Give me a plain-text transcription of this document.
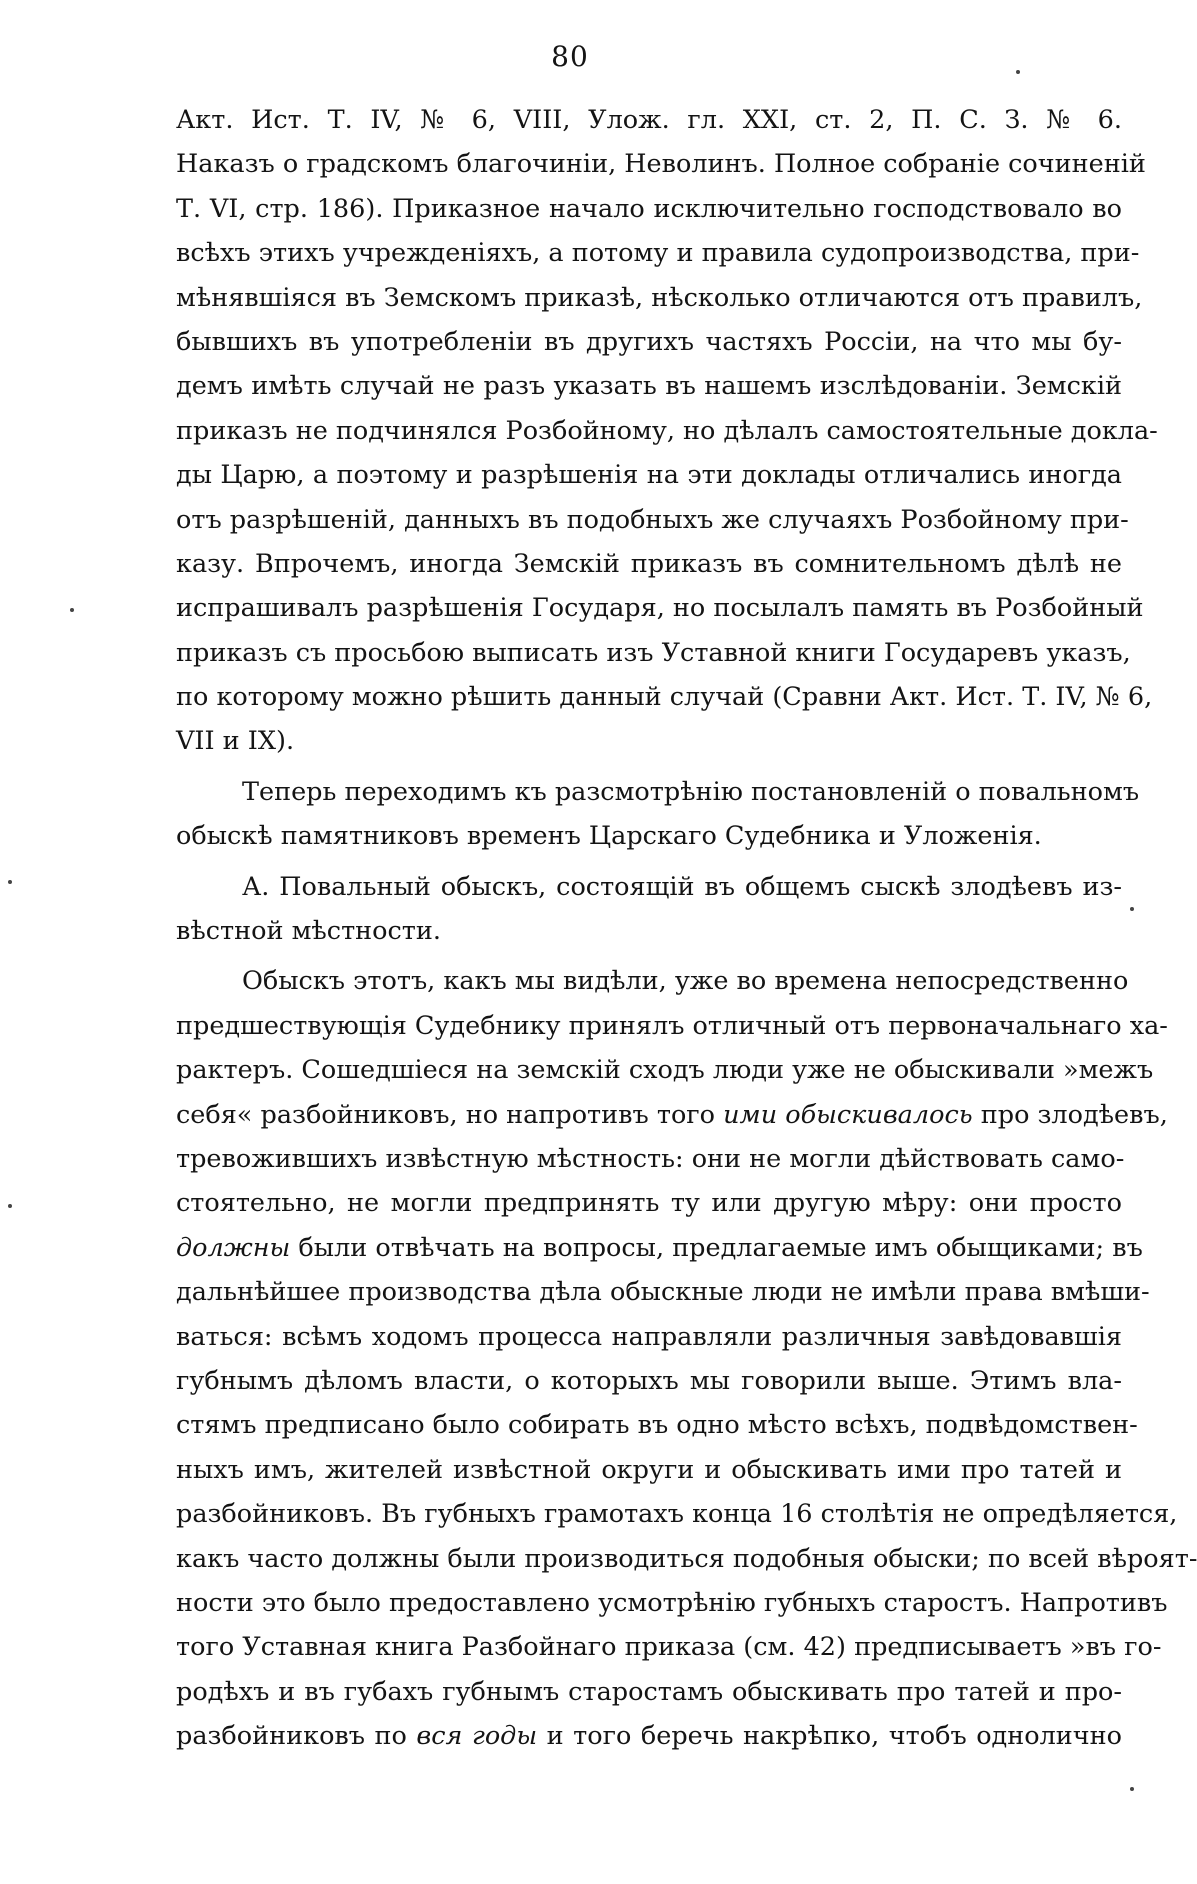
80
Акт. Ист. Т. IV, № 6, VIII, Улож. гл. XXI, ст. 2, П. С. З. № 6.
Наказъ о градскомъ благочиніи, Неволинъ. Полное собраніе сочиненій
Т. VI, стр. 186). Приказное начало исключительно господствовало во
всѣхъ этихъ учрежденіяхъ, а потому и правила судопроизводства, при-
мѣнявшіяся въ Земскомъ приказѣ, нѣсколько отличаются отъ правилъ,
бывшихъ въ употребленіи въ другихъ частяхъ Россіи, на что мы бу-
демъ имѣть случай не разъ указать въ нашемъ изслѣдованіи. Земскій
приказъ не подчинялся Розбойному, но дѣлалъ самостоятельные докла-
ды Царю, а поэтому и разрѣшенія на эти доклады отличались иногда
отъ разрѣшеній, данныхъ въ подобныхъ же случаяхъ Розбойному при-
казу. Впрочемъ, иногда Земскій приказъ въ сомнительномъ дѣлѣ не
испрашивалъ разрѣшенія Государя, но посылалъ память въ Розбойный
приказъ съ просьбою выписать изъ Уставной книги Государевъ указъ,
по которому можно рѣшить данный случай (Сравни Акт. Ист. Т. IV, № 6,
VII и IX).
Теперь переходимъ къ разсмотрѣнію постановленій о повальномъ
обыскѣ памятниковъ временъ Царскаго Судебника и Уложенія.
А. Повальный обыскъ, состоящій въ общемъ сыскѣ злодѣевъ из-
вѣстной мѣстности.
Обыскъ этотъ, какъ мы видѣли, уже во времена непосредственно
предшествующія Судебнику принялъ отличный отъ первоначальнаго ха-
рактеръ. Сошедшіеся на земскій сходъ люди уже не обыскивали »межъ
себя« разбойниковъ, но напротивъ того ими обыскивалось про злодѣевъ,
тревожившихъ извѣстную мѣстность: они не могли дѣйствовать само-
стоятельно, не могли предпринять ту или другую мѣру: они просто
должны были отвѣчать на вопросы, предлагаемые имъ обыщиками; въ
дальнѣйшее производства дѣла обыскные люди не имѣли права вмѣши-
ваться: всѣмъ ходомъ процесса направляли различныя завѣдовавшія
губнымъ дѣломъ власти, о которыхъ мы говорили выше. Этимъ вла-
стямъ предписано было собирать въ одно мѣсто всѣхъ, подвѣдомствен-
ныхъ имъ, жителей извѣстной округи и обыскивать ими про татей и
разбойниковъ. Въ губныхъ грамотахъ конца 16 столѣтія не опредѣляется,
какъ часто должны были производиться подобныя обыски; по всей вѣроят-
ности это было предоставлено усмотрѣнію губныхъ старостъ. Напротивъ
того Уставная книга Разбойнаго приказа (см. 42) предписываетъ »въ го-
родѣхъ и въ губахъ губнымъ старостамъ обыскивать про татей и про-
разбойниковъ по вся годы и того беречь накрѣпко, чтобъ однолично
